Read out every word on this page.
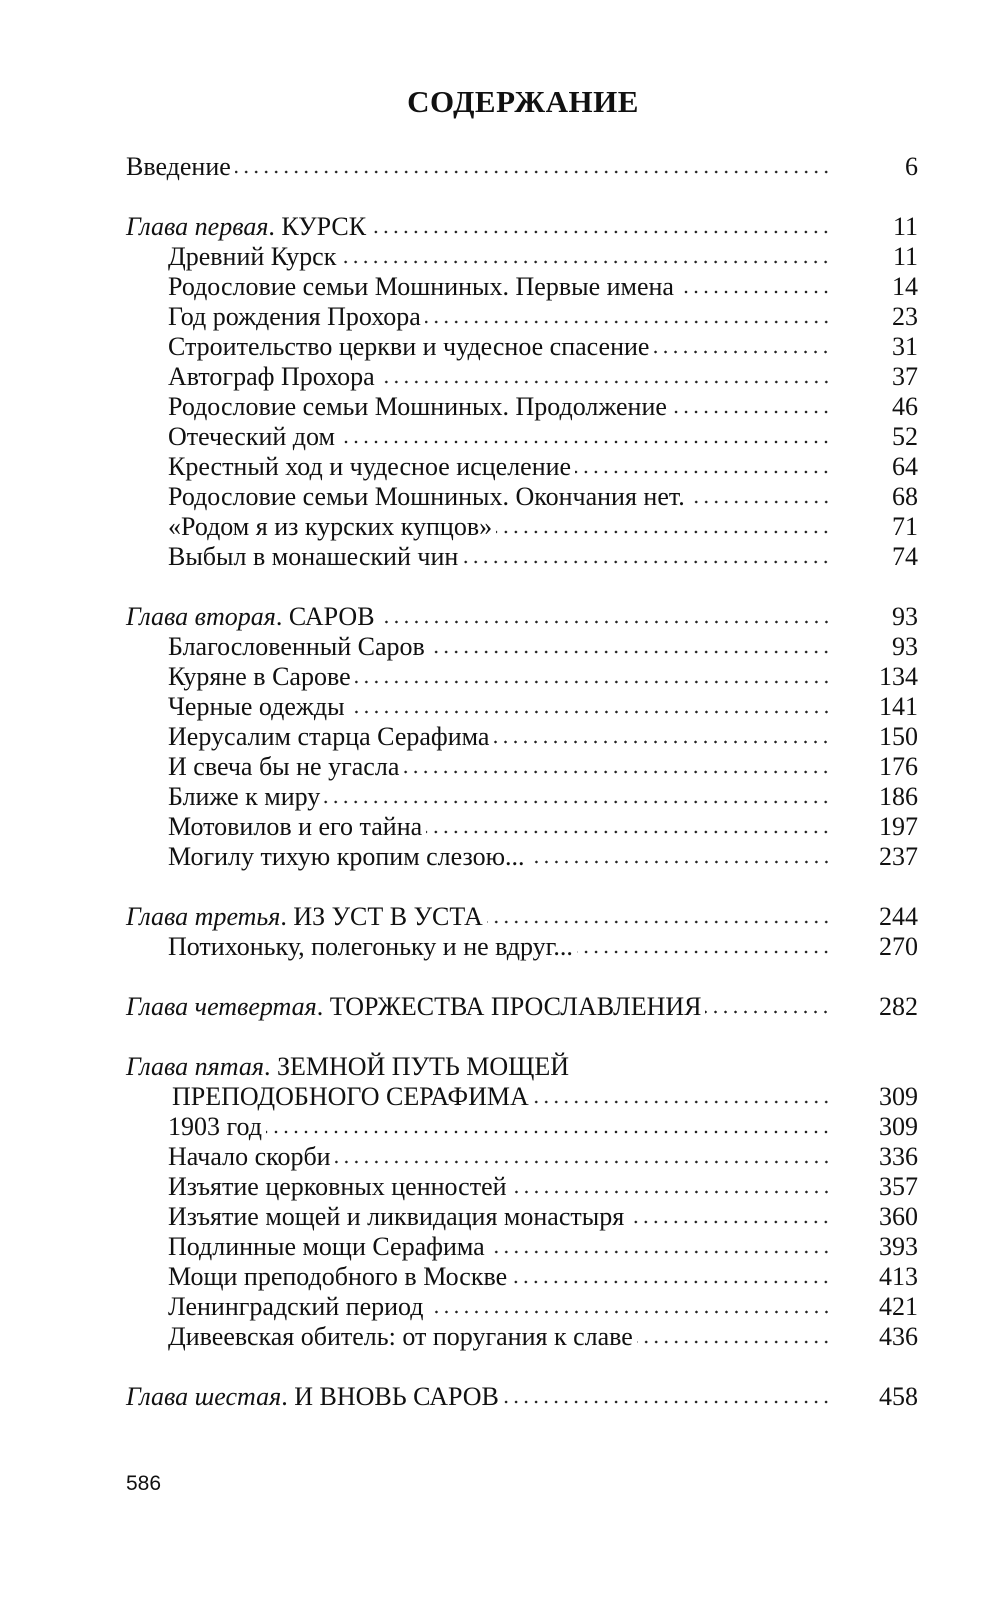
СОДЕРЖАНИЕ
Введение	6
Глава первая. КУРСК	11
Древний Курск	11
Родословие семьи Мошниных. Первые имена	14
Год рождения Прохора	23
Строительство церкви и чудесное спасение	31
Автограф Прохора	37
Родословие семьи Мошниных. Продолжение	46
Отеческий дом	52
Крестный ход и чудесное исцеление	64
Родословие семьи Мошниных. Окончания нет.	68
«Родом я из курских купцов»	71
Выбыл в монашеский чин	74
Глава вторая. САРОВ	93
Благословенный Саров	93
Куряне в Сарове	134
Черные одежды	141
Иерусалим старца Серафима	150
И свеча бы не угасла	176
Ближе к миру	186
Мотовилов и его тайна	197
Могилу тихую кропим слезою...	237
Глава третья. ИЗ УСТ В УСТА	244
Потихоньку, полегоньку и не вдруг...	270
Глава четвертая. ТОРЖЕСТВА ПРОСЛАВЛЕНИЯ	282
Глава пятая. ЗЕМНОЙ ПУТЬ МОЩЕЙ
ПРЕПОДОБНОГО СЕРАФИМА	309
1903 год	309
Начало скорби	336
Изъятие церковных ценностей	357
Изъятие мощей и ликвидация монастыря	360
Подлинные мощи Серафима	393
Мощи преподобного в Москве	413
Ленинградский период	421
Дивеевская обитель: от поругания к славе	436
Глава шестая. И ВНОВЬ САРОВ	458
586
